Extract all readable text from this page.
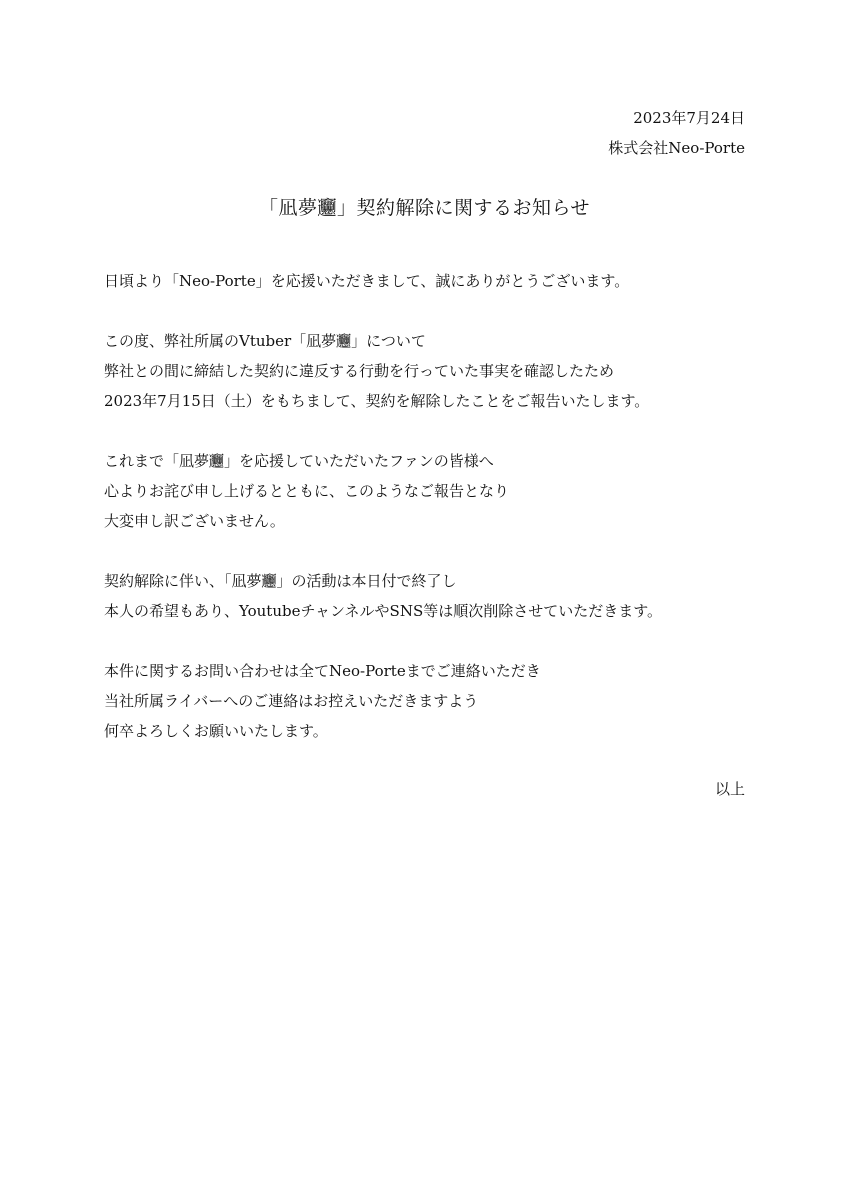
2023年7月24日
株式会社Neo-Porte
「凪夢𰻞」契約解除に関するお知らせ
日頃より「Neo-Porte」を応援いただきまして、誠にありがとうございます。
この度、弊社所属のVtuber「凪夢𰻞」について
弊社との間に締結した契約に違反する行動を行っていた事実を確認したため
2023年7月15日（土）をもちまして、契約を解除したことをご報告いたします。
これまで「凪夢𰻞」を応援していただいたファンの皆様へ
心よりお詫び申し上げるとともに、このようなご報告となり
大変申し訳ございません。
契約解除に伴い、「凪夢𰻞」の活動は本日付で終了し
本人の希望もあり、YoutubeチャンネルやSNS等は順次削除させていただきます。
本件に関するお問い合わせは全てNeo-Porteまでご連絡いただき
当社所属ライバーへのご連絡はお控えいただきますよう
何卒よろしくお願いいたします。
以上
